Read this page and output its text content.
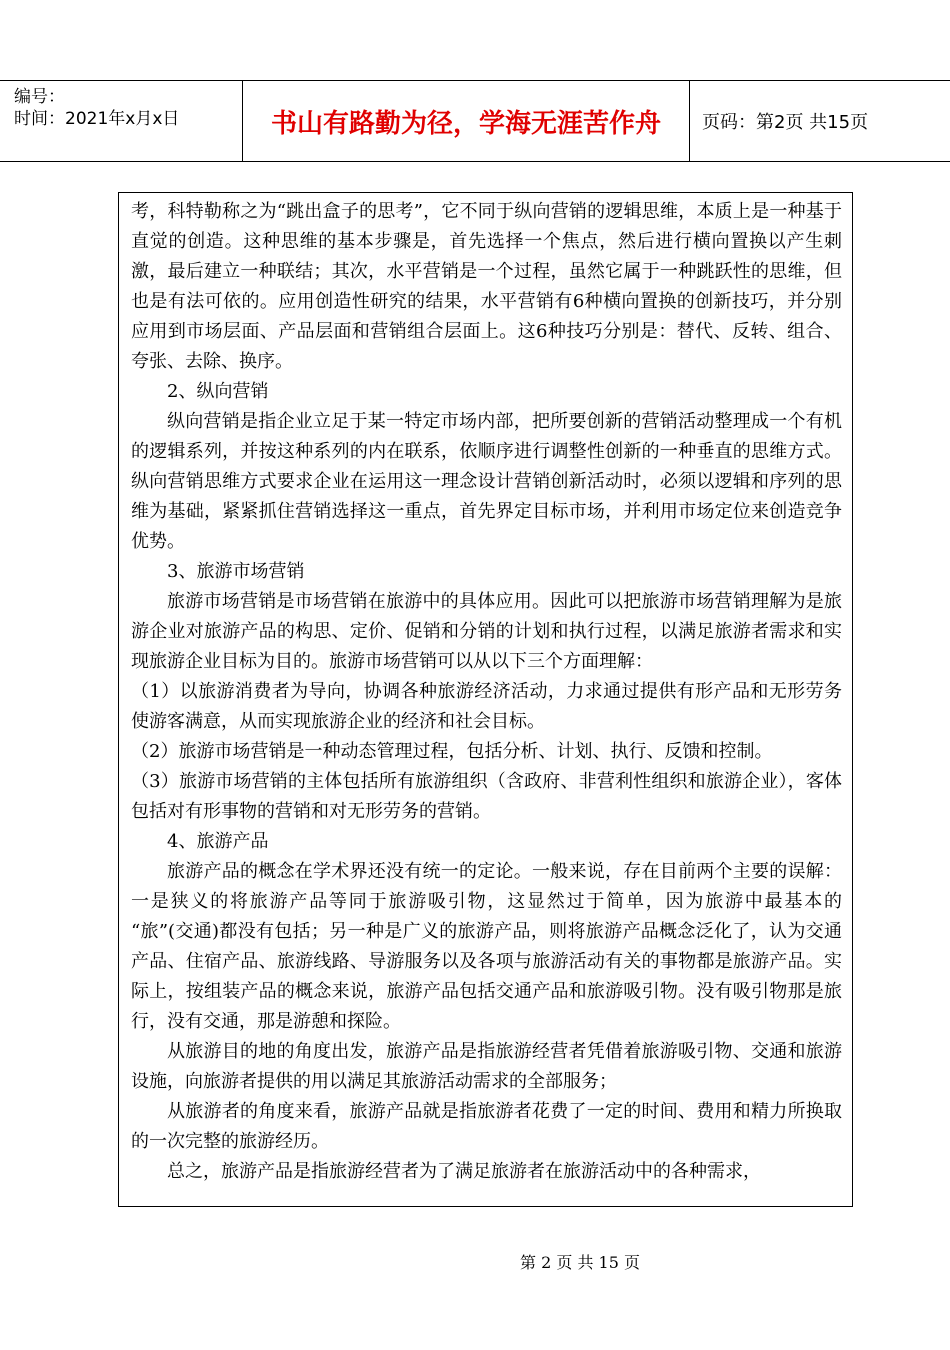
编号：
时间：2021年x月x日	书山有路勤为径，学海无涯苦作舟	页码：第2页 共15页

考，科特勒称之为“跳出盒子的思考”，它不同于纵向营销的逻辑思维，本质上是一种基于直觉的创造。这种思维的基本步骤是，首先选择一个焦点，然后进行横向置换以产生刺激，最后建立一种联结；其次，水平营销是一个过程，虽然它属于一种跳跃性的思维，但也是有法可依的。应用创造性研究的结果，水平营销有6种横向置换的创新技巧，并分别应用到市场层面、产品层面和营销组合层面上。这6种技巧分别是：替代、反转、组合、夸张、去除、换序。

2、纵向营销

纵向营销是指企业立足于某一特定市场内部，把所要创新的营销活动整理成一个有机的逻辑系列，并按这种系列的内在联系，依顺序进行调整性创新的一种垂直的思维方式。纵向营销思维方式要求企业在运用这一理念设计营销创新活动时，必须以逻辑和序列的思维为基础，紧紧抓住营销选择这一重点，首先界定目标市场，并利用市场定位来创造竞争优势。

3、旅游市场营销

旅游市场营销是市场营销在旅游中的具体应用。因此可以把旅游市场营销理解为是旅游企业对旅游产品的构思、定价、促销和分销的计划和执行过程，以满足旅游者需求和实现旅游企业目标为目的。旅游市场营销可以从以下三个方面理解：

（1）以旅游消费者为导向，协调各种旅游经济活动，力求通过提供有形产品和无形劳务使游客满意，从而实现旅游企业的经济和社会目标。

（2）旅游市场营销是一种动态管理过程，包括分析、计划、执行、反馈和控制。

（3）旅游市场营销的主体包括所有旅游组织（含政府、非营利性组织和旅游企业），客体包括对有形事物的营销和对无形劳务的营销。

4、旅游产品

旅游产品的概念在学术界还没有统一的定论。一般来说，存在目前两个主要的误解：一是狭义的将旅游产品等同于旅游吸引物，这显然过于简单，因为旅游中最基本的 “旅”(交通)都没有包括；另一种是广义的旅游产品，则将旅游产品概念泛化了，认为交通产品、住宿产品、旅游线路、导游服务以及各项与旅游活动有关的事物都是旅游产品。实际上，按组装产品的概念来说，旅游产品包括交通产品和旅游吸引物。没有吸引物那是旅行，没有交通，那是游憩和探险。

从旅游目的地的角度出发，旅游产品是指旅游经营者凭借着旅游吸引物、交通和旅游设施，向旅游者提供的用以满足其旅游活动需求的全部服务；

从旅游者的角度来看，旅游产品就是指旅游者花费了一定的时间、费用和精力所换取的一次完整的旅游经历。

总之，旅游产品是指旅游经营者为了满足旅游者在旅游活动中的各种需求，

第 2 页 共 15 页
